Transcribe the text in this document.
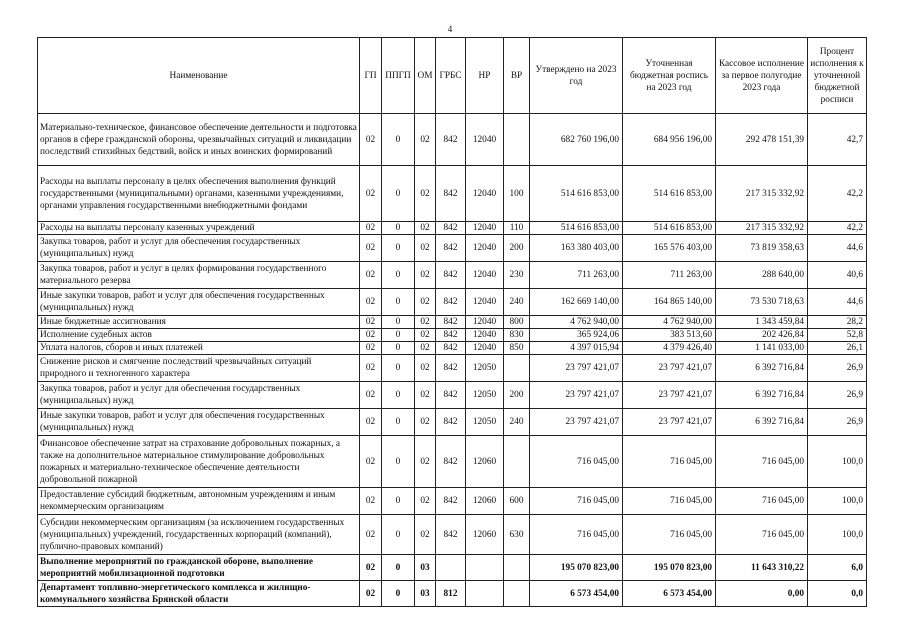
4
Наименование	ГП	ППГП	ОМ	ГРБС	НР	ВР	Утверждено на 2023 год	Уточненная бюджетная роспись на 2023 год	Кассовое исполнение за первое полугодие 2023 года	Процент исполнения к уточненной бюджетной росписи
Материально-техническое, финансовое обеспечение деятельности и подготовка органов в сфере гражданской обороны, чрезвычайных ситуаций и ликвидации последствий стихийных бедствий, войск и иных воинских формирований	02	0	02	842	12040		682 760 196,00	684 956 196,00	292 478 151,39	42,7
Расходы на выплаты персоналу в целях обеспечения выполнения функций государственными (муниципальными) органами, казенными учреждениями, органами управления государственными внебюджетными фондами	02	0	02	842	12040	100	514 616 853,00	514 616 853,00	217 315 332,92	42,2
Расходы на выплаты персоналу казенных учреждений	02	0	02	842	12040	110	514 616 853,00	514 616 853,00	217 315 332,92	42,2
Закупка товаров, работ и услуг для обеспечения государственных (муниципальных) нужд	02	0	02	842	12040	200	163 380 403,00	165 576 403,00	73 819 358,63	44,6
Закупка товаров, работ и услуг в целях формирования государственного материального резерва	02	0	02	842	12040	230	711 263,00	711 263,00	288 640,00	40,6
Иные закупки товаров, работ и услуг для обеспечения государственных (муниципальных) нужд	02	0	02	842	12040	240	162 669 140,00	164 865 140,00	73 530 718,63	44,6
Иные бюджетные ассигнования	02	0	02	842	12040	800	4 762 940,00	4 762 940,00	1 343 459,84	28,2
Исполнение судебных актов	02	0	02	842	12040	830	365 924,06	383 513,60	202 426,84	52,8
Уплата налогов, сборов и иных платежей	02	0	02	842	12040	850	4 397 015,94	4 379 426,40	1 141 033,00	26,1
Снижение рисков и смягчение последствий чрезвычайных ситуаций природного и техногенного характера	02	0	02	842	12050		23 797 421,07	23 797 421,07	6 392 716,84	26,9
Закупка товаров, работ и услуг для обеспечения государственных (муниципальных) нужд	02	0	02	842	12050	200	23 797 421,07	23 797 421,07	6 392 716,84	26,9
Иные закупки товаров, работ и услуг для обеспечения государственных (муниципальных) нужд	02	0	02	842	12050	240	23 797 421,07	23 797 421,07	6 392 716,84	26,9
Финансовое обеспечение затрат на страхование добровольных пожарных, а также на дополнительное материальное стимулирование добровольных пожарных и материально-техническое обеспечение деятельности добровольной пожарной	02	0	02	842	12060		716 045,00	716 045,00	716 045,00	100,0
Предоставление субсидий бюджетным, автономным учреждениям и иным некоммерческим организациям	02	0	02	842	12060	600	716 045,00	716 045,00	716 045,00	100,0
Субсидии некоммерческим организациям (за исключением государственных (муниципальных) учреждений, государственных корпораций (компаний), публично-правовых компаний)	02	0	02	842	12060	630	716 045,00	716 045,00	716 045,00	100,0
Выполнение мероприятий по гражданской обороне, выполнение мероприятий мобилизационной подготовки	02	0	03				195 070 823,00	195 070 823,00	11 643 310,22	6,0
Департамент топливно-энергетического комплекса и жилищно-коммунального хозяйства Брянской области	02	0	03	812			6 573 454,00	6 573 454,00	0,00	0,0
